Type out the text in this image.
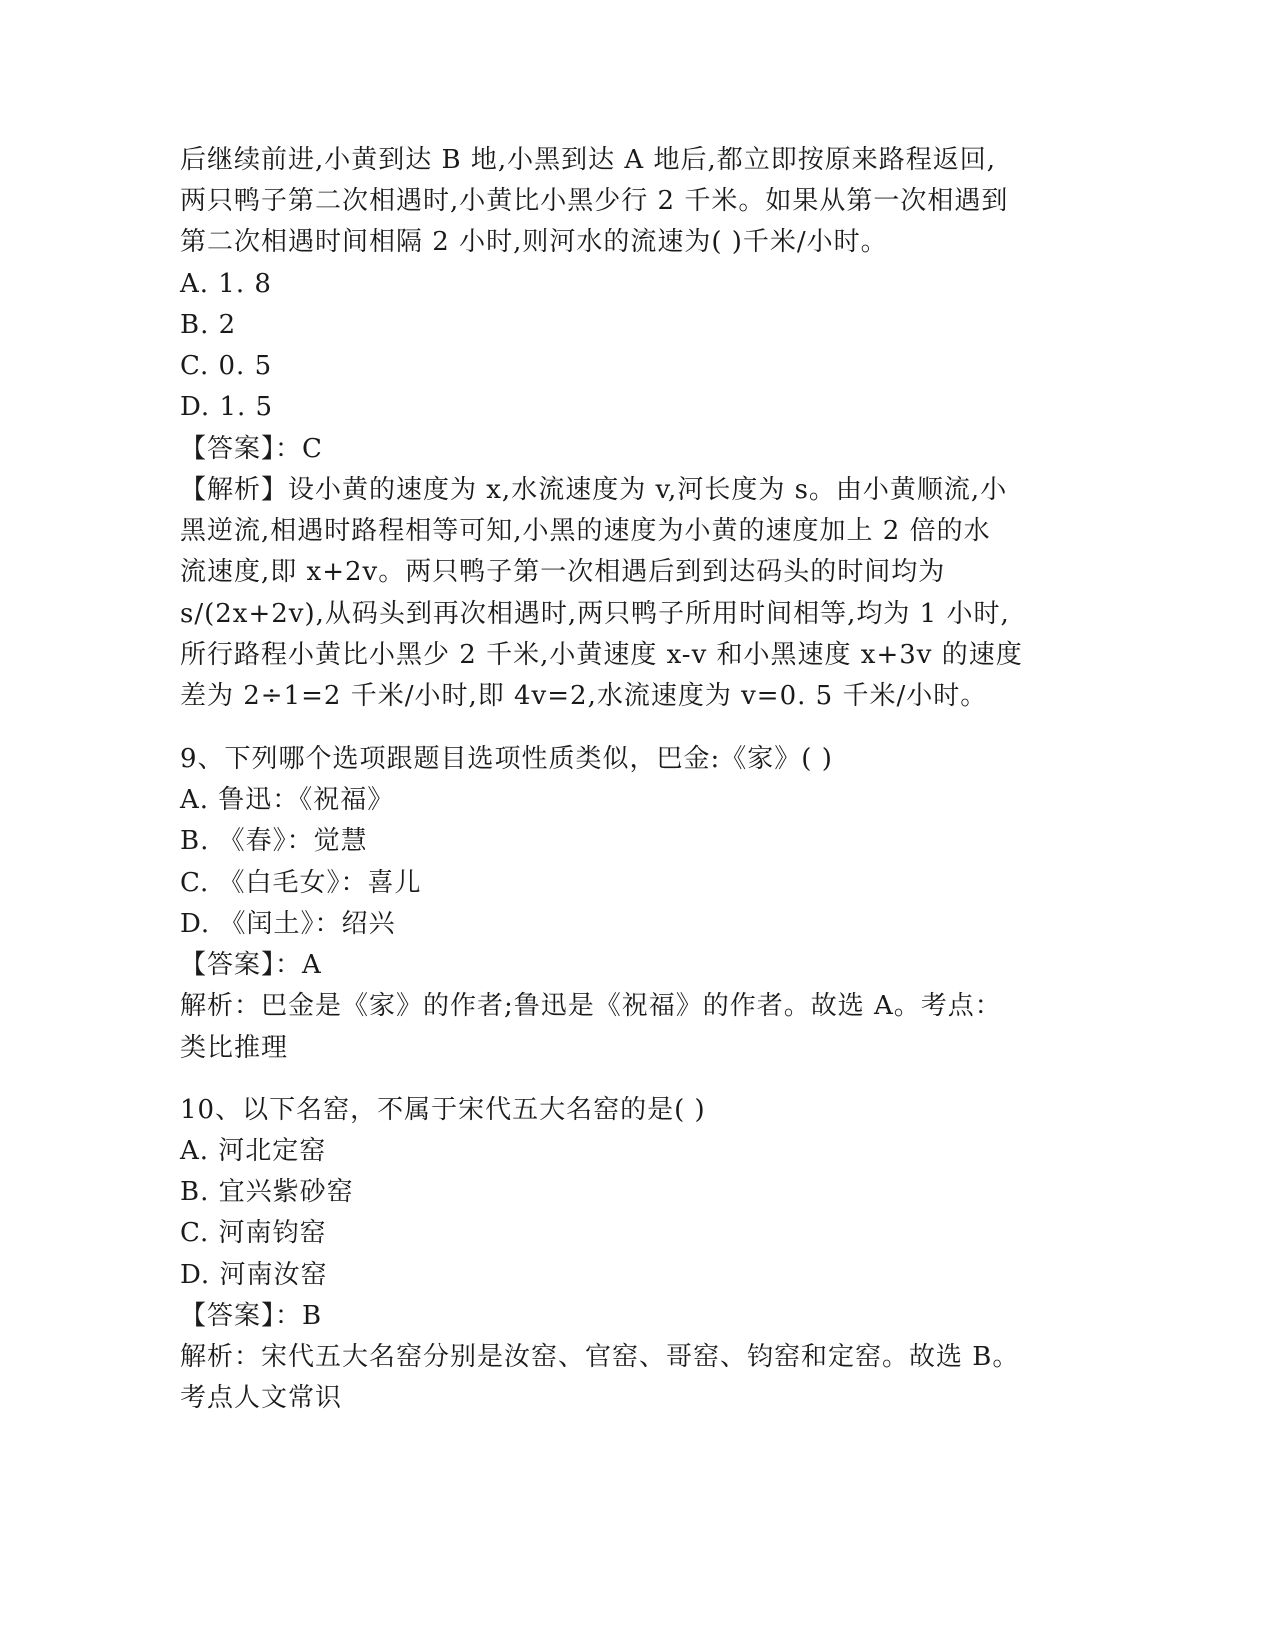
后继续前进,小黄到达 B 地,小黑到达 A 地后,都立即按原来路程返回,

两只鸭子第二次相遇时,小黄比小黑少行 2 千米。如果从第一次相遇到

第二次相遇时间相隔 2 小时,则河水的流速为( )千米/小时。

A. 1. 8

B. 2

C. 0. 5

D. 1. 5

【答案】：C

【解析】设小黄的速度为 x,水流速度为 v,河长度为 s。由小黄顺流,小

黑逆流,相遇时路程相等可知,小黑的速度为小黄的速度加上 2 倍的水

流速度,即 x+2v。两只鸭子第一次相遇后到到达码头的时间均为

s/(2x+2v),从码头到再次相遇时,两只鸭子所用时间相等,均为 1 小时,

所行路程小黄比小黑少 2 千米,小黄速度 x-v 和小黑速度 x+3v 的速度

差为 2÷1=2 千米/小时,即 4v=2,水流速度为 v=0. 5 千米/小时。

9、下列哪个选项跟题目选项性质类似，巴金:《家》( )

A. 鲁迅：《祝福》

B. 《春》：觉慧

C. 《白毛女》：喜儿

D. 《闰土》：绍兴

【答案】：A

解析：巴金是《家》的作者;鲁迅是《祝福》的作者。故选 A。考点：

类比推理

10、以下名窑，不属于宋代五大名窑的是( )

A. 河北定窑

B. 宜兴紫砂窑

C. 河南钧窑

D. 河南汝窑

【答案】：B

解析：宋代五大名窑分别是汝窑、官窑、哥窑、钧窑和定窑。故选 B。

考点人文常识
